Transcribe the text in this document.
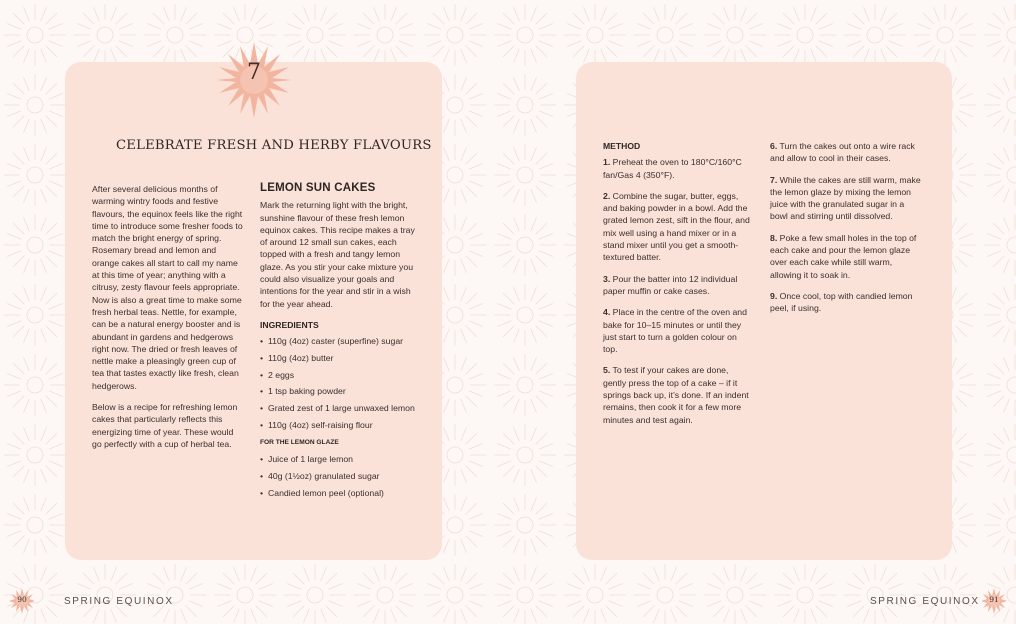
7
CELEBRATE FRESH AND HERBY FLAVOURS

After several delicious months of warming wintry foods and festive flavours, the equinox feels like the right time to introduce some fresher foods to match the bright energy of spring. Rosemary bread and lemon and orange cakes all start to call my name at this time of year; anything with a citrusy, zesty flavour feels appropriate. Now is also a great time to make some fresh herbal teas. Nettle, for example, can be a natural energy booster and is abundant in gardens and hedgerows right now. The dried or fresh leaves of nettle make a pleasingly green cup of tea that tastes exactly like fresh, clean hedgerows.

Below is a recipe for refreshing lemon cakes that particularly reflects this energizing time of year. These would go perfectly with a cup of herbal tea.

LEMON SUN CAKES

Mark the returning light with the bright, sunshine flavour of these fresh lemon equinox cakes. This recipe makes a tray of around 12 small sun cakes, each topped with a fresh and tangy lemon glaze. As you stir your cake mixture you could also visualize your goals and intentions for the year and stir in a wish for the year ahead.

INGREDIENTS
• 110g (4oz) caster (superfine) sugar
• 110g (4oz) butter
• 2 eggs
• 1 tsp baking powder
• Grated zest of 1 large unwaxed lemon
• 110g (4oz) self-raising flour
FOR THE LEMON GLAZE
• Juice of 1 large lemon
• 40g (1½oz) granulated sugar
• Candied lemon peel (optional)
METHOD

1. Preheat the oven to 180°C/160°C fan/Gas 4 (350°F).

2. Combine the sugar, butter, eggs, and baking powder in a bowl. Add the grated lemon zest, sift in the flour, and mix well using a hand mixer or in a stand mixer until you get a smooth-textured batter.

3. Pour the batter into 12 individual paper muffin or cake cases.

4. Place in the centre of the oven and bake for 10–15 minutes or until they just start to turn a golden colour on top.

5. To test if your cakes are done, gently press the top of a cake – if it springs back up, it’s done. If an indent remains, then cook it for a few more minutes and test again.

6. Turn the cakes out onto a wire rack and allow to cool in their cases.

7. While the cakes are still warm, make the lemon glaze by mixing the lemon juice with the granulated sugar in a bowl and stirring until dissolved.

8. Poke a few small holes in the top of each cake and pour the lemon glaze over each cake while still warm, allowing it to soak in.

9. Once cool, top with candied lemon peel, if using.

90	SPRING EQUINOX	SPRING EQUINOX	91
